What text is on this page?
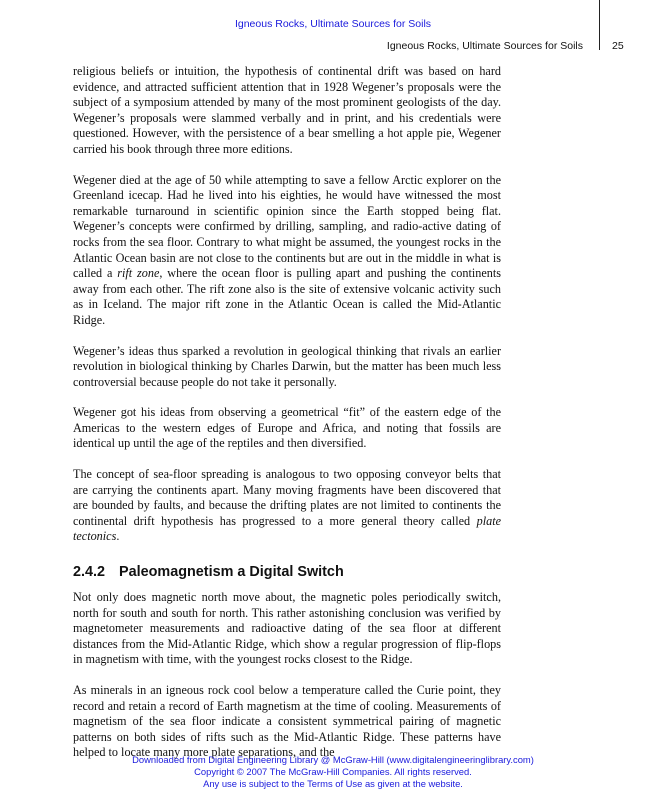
Igneous Rocks, Ultimate Sources for Soils
Igneous Rocks, Ultimate Sources for Soils	25

religious beliefs or intuition, the hypothesis of continental drift was based on hard evidence, and attracted sufficient attention that in 1928 Wegener’s proposals were the subject of a symposium attended by many of the most prominent geologists of the day. Wegener’s proposals were slammed verbally and in print, and his credentials were questioned. However, with the persistence of a bear smelling a hot apple pie, Wegener carried his book through three more editions.

Wegener died at the age of 50 while attempting to save a fellow Arctic explorer on the Greenland icecap. Had he lived into his eighties, he would have witnessed the most remarkable turnaround in scientific opinion since the Earth stopped being flat. Wegener’s concepts were confirmed by drilling, sampling, and radio-active dating of rocks from the sea floor. Contrary to what might be assumed, the youngest rocks in the Atlantic Ocean basin are not close to the continents but are out in the middle in what is called a rift zone, where the ocean floor is pulling apart and pushing the continents away from each other. The rift zone also is the site of extensive volcanic activity such as in Iceland. The major rift zone in the Atlantic Ocean is called the Mid-Atlantic Ridge.

Wegener’s ideas thus sparked a revolution in geological thinking that rivals an earlier revolution in biological thinking by Charles Darwin, but the matter has been much less controversial because people do not take it personally.

Wegener got his ideas from observing a geometrical “fit” of the eastern edge of the Americas to the western edges of Europe and Africa, and noting that fossils are identical up until the age of the reptiles and then diversified.

The concept of sea-floor spreading is analogous to two opposing conveyor belts that are carrying the continents apart. Many moving fragments have been discovered that are bounded by faults, and because the drifting plates are not limited to continents the continental drift hypothesis has progressed to a more general theory called plate tectonics.

2.4.2 Paleomagnetism a Digital Switch

Not only does magnetic north move about, the magnetic poles periodically switch, north for south and south for north. This rather astonishing conclusion was verified by magnetometer measurements and radioactive dating of the sea floor at different distances from the Mid-Atlantic Ridge, which show a regular progression of flip-flops in magnetism with time, with the youngest rocks closest to the Ridge.

As minerals in an igneous rock cool below a temperature called the Curie point, they record and retain a record of Earth magnetism at the time of cooling. Measurements of magnetism of the sea floor indicate a consistent symmetrical pairing of magnetic patterns on both sides of rifts such as the Mid-Atlantic Ridge. These patterns have helped to locate many more plate separations, and the

Downloaded from Digital Engineering Library @ McGraw-Hill (www.digitalengineeringlibrary.com)
Copyright © 2007 The McGraw-Hill Companies. All rights reserved.
Any use is subject to the Terms of Use as given at the website.
